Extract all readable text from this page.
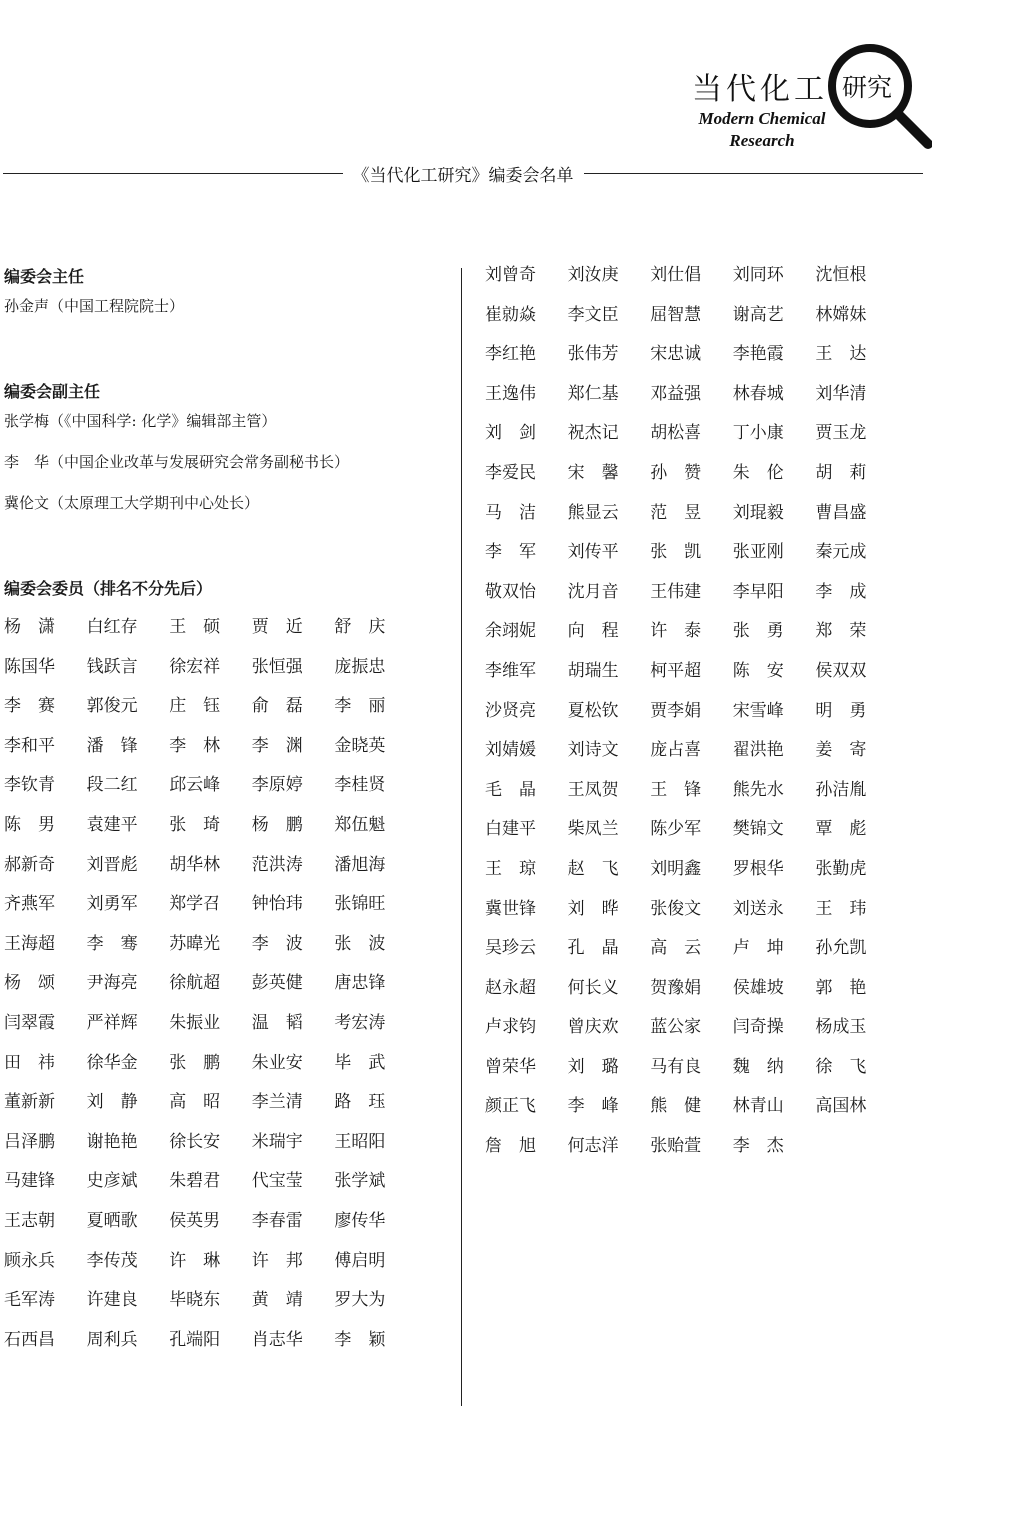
当代化工 研究
Modern Chemical
Research
《当代化工研究》编委会名单
编委会主任
孙金声（中国工程院院士）
编委会副主任
张学梅（《中国科学: 化学》编辑部主管）
李　华（中国企业改革与发展研究会常务副秘书长）
冀伦文（太原理工大学期刊中心处长）
编委会委员（排名不分先后）
杨　潇	白红存	王　硕	贾　近	舒　庆
陈国华	钱跃言	徐宏祥	张恒强	庞振忠
李　赛	郭俊元	庄　钰	俞　磊	李　丽
李和平	潘　锋	李　林	李　渊	金晓英
李钦青	段二红	邱云峰	李原婷	李桂贤
陈　男	袁建平	张　琦	杨　鹏	郑伍魁
郝新奇	刘晋彪	胡华林	范洪涛	潘旭海
齐燕军	刘勇军	郑学召	钟怡玮	张锦旺
王海超	李　骞	苏暐光	李　波	张　波
杨　颂	尹海亮	徐航超	彭英健	唐忠锋
闫翠霞	严祥辉	朱振业	温　韬	考宏涛
田　祎	徐华金	张　鹏	朱业安	毕　武
董新新	刘　静	高　昭	李兰清	路　珏
吕泽鹏	谢艳艳	徐长安	米瑞宇	王昭阳
马建锋	史彦斌	朱碧君	代宝莹	张学斌
王志朝	夏晒歌	侯英男	李春雷	廖传华
顾永兵	李传茂	许　琳	许　邦	傅启明
毛军涛	许建良	毕晓东	黄　靖	罗大为
石西昌	周利兵	孔端阳	肖志华	李　颖
刘曾奇	刘汝庚	刘仕倡	刘同环	沈恒根
崔勍焱	李文臣	屈智慧	谢高艺	林嫦妹
李红艳	张伟芳	宋忠诚	李艳霞	王　达
王逸伟	郑仁基	邓益强	林春城	刘华清
刘　剑	祝杰记	胡松喜	丁小康	贾玉龙
李爱民	宋　馨	孙　赞	朱　伦	胡　莉
马　洁	熊显云	范　昱	刘琨毅	曹昌盛
李　军	刘传平	张　凯	张亚刚	秦元成
敬双怡	沈月音	王伟建	李早阳	李　成
余翊妮	向　程	许　泰	张　勇	郑　荣
李维军	胡瑞生	柯平超	陈　安	侯双双
沙贤亮	夏松钦	贾李娟	宋雪峰	明　勇
刘婧媛	刘诗文	庞占喜	翟洪艳	姜　寄
毛　晶	王凤贺	王　锋	熊先水	孙洁胤
白建平	柴凤兰	陈少军	樊锦文	覃　彪
王　琼	赵　飞	刘明鑫	罗根华	张勤虎
冀世锋	刘　晔	张俊文	刘送永	王　玮
吴珍云	孔　晶	高　云	卢　坤	孙允凯
赵永超	何长义	贺豫娟	侯雄坡	郭　艳
卢求钧	曾庆欢	蓝公家	闫奇操	杨成玉
曾荣华	刘　璐	马有良	魏　纳	徐　飞
颜正飞	李　峰	熊　健	林青山	高国林
詹　旭	何志洋	张贻萱	李　杰
